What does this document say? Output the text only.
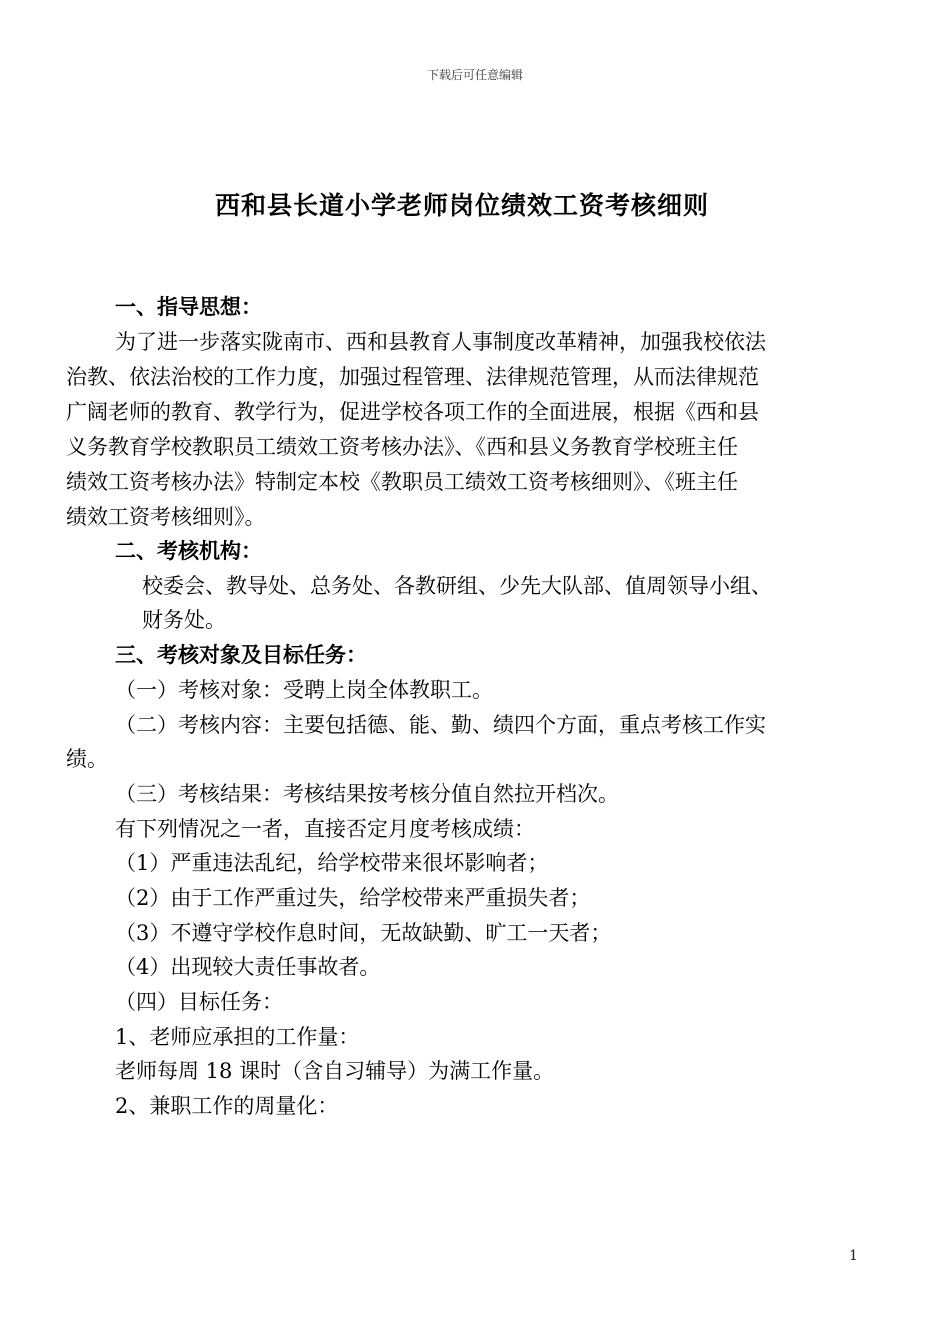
下载后可任意编辑
西和县长道小学老师岗位绩效工资考核细则
一、指导思想：
为了进一步落实陇南市、西和县教育人事制度改革精神，加强我校依法
治教、依法治校的工作力度，加强过程管理、法律规范管理，从而法律规范
广阔老师的教育、教学行为，促进学校各项工作的全面进展，根据《西和县
义务教育学校教职员工绩效工资考核办法》、《西和县义务教育学校班主任
绩效工资考核办法》特制定本校《教职员工绩效工资考核细则》、《班主任
绩效工资考核细则》。
二、考核机构：
校委会、教导处、总务处、各教研组、少先大队部、值周领导小组、
财务处。
三、考核对象及目标任务：
（一）考核对象：受聘上岗全体教职工。
（二）考核内容：主要包括德、能、勤、绩四个方面，重点考核工作实
绩。
（三）考核结果：考核结果按考核分值自然拉开档次。
有下列情况之一者，直接否定月度考核成绩：
（1）严重违法乱纪，给学校带来很坏影响者；
（2）由于工作严重过失，给学校带来严重损失者；
（3）不遵守学校作息时间，无故缺勤、旷工一天者；
（4）出现较大责任事故者。
（四）目标任务：
1、老师应承担的工作量：
老师每周 18 课时（含自习辅导）为满工作量。
2、兼职工作的周量化：
1
